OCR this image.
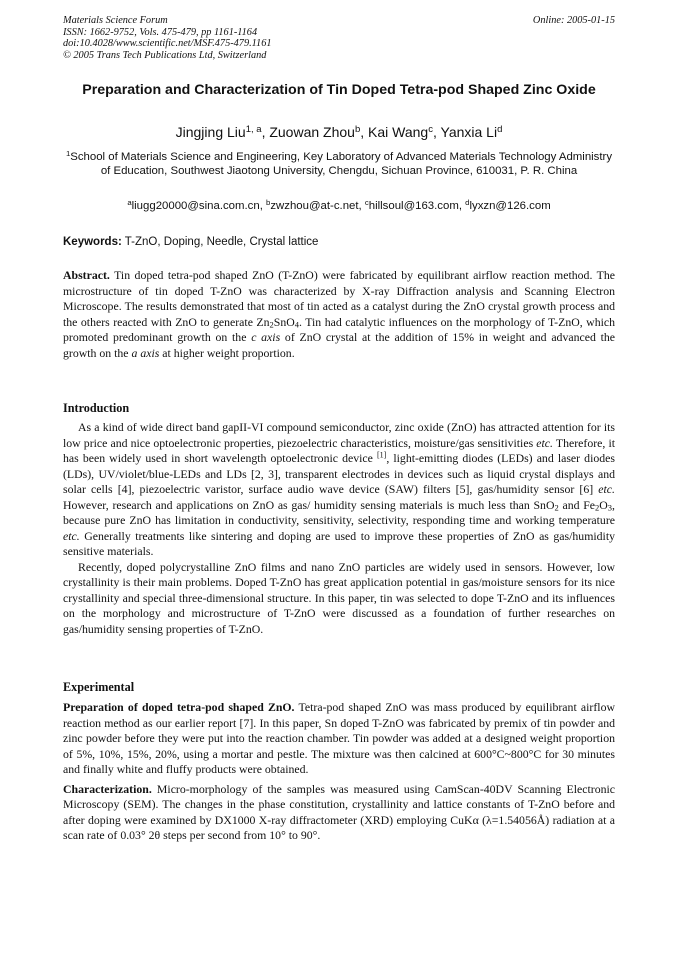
Materials Science Forum
ISSN: 1662-9752, Vols. 475-479, pp 1161-1164
doi:10.4028/www.scientific.net/MSF.475-479.1161
© 2005 Trans Tech Publications Ltd, Switzerland
Online: 2005-01-15
Preparation and Characterization of Tin Doped Tetra-pod Shaped Zinc Oxide
Jingjing Liu$^{1, a}$, Zuowan Zhou$^b$, Kai Wang$^c$, Yanxia Li$^d$
$^1$School of Materials Science and Engineering, Key Laboratory of Advanced Materials Technology Administry of Education, Southwest Jiaotong University, Chengdu, Sichuan Province, 610031, P. R. China
$^a$liugg20000@sina.com.cn, $^b$zwzhou@at-c.net, $^c$hillsoul@163.com, $^d$lyxzn@126.com
Keywords: T-ZnO, Doping, Needle, Crystal lattice
Abstract. Tin doped tetra-pod shaped ZnO (T-ZnO) were fabricated by equilibrant airflow reaction method. The microstructure of tin doped T-ZnO was characterized by X-ray Diffraction analysis and Scanning Electron Microscope. The results demonstrated that most of tin acted as a catalyst during the ZnO crystal growth process and the others reacted with ZnO to generate $Zn_2SnO_4$. Tin had catalytic influences on the morphology of T-ZnO, which promoted predominant growth on the c axis of ZnO crystal at the addition of 15% in weight and advanced the growth on the a axis at higher weight proportion.
Introduction

As a kind of wide direct band gapII-VI compound semiconductor, zinc oxide (ZnO) has attracted attention for its low price and nice optoelectronic properties, piezoelectric characteristics, moisture/gas sensitivities etc. Therefore, it has been widely used in short wavelength optoelectronic device [1], light-emitting diodes (LEDs) and laser diodes (LDs), UV/violet/blue-LEDs and LDs [2, 3], transparent electrodes in devices such as liquid crystal displays and solar cells [4], piezoelectric varistor, surface audio wave device (SAW) filters [5], gas/humidity sensor [6] etc. However, research and applications on ZnO as gas/ humidity sensing materials is much less than SnO$_2$ and $Fe_2O_3$, because pure ZnO has limitation in conductivity, sensitivity, selectivity, responding time and working temperature etc. Generally treatments like sintering and doping are used to improve these properties of ZnO as gas/humidity sensitive materials.

Recently, doped polycrystalline ZnO films and nano ZnO particles are widely used in sensors. However, low crystallinity is their main problems. Doped T-ZnO has great application potential in gas/moisture sensors for its nice crystallinity and special three-dimensional structure. In this paper, tin was selected to dope T-ZnO and its influences on the morphology and microstructure of T-ZnO were discussed as a foundation of further researches on gas/humidity sensing properties of T-ZnO.

Experimental

Preparation of doped tetra-pod shaped ZnO. Tetra-pod shaped ZnO was mass produced by equilibrant airflow reaction method as our earlier report [7]. In this paper, Sn doped T-ZnO was fabricated by premix of tin powder and zinc powder before they were put into the reaction chamber. Tin powder was added at a designed weight proportion of 5%, 10%, 15%, 20%, using a mortar and pestle. The mixture was then calcined at 600°C~800°C for 30 minutes and finally white and fluffy products were obtained.

Characterization. Micro-morphology of the samples was measured using CamScan-40DV Scanning Electronic Microscopy (SEM). The changes in the phase constitution, crystallinity and lattice constants of T-ZnO before and after doping were examined by DX1000 X-ray diffractometer (XRD) employing CuKα (λ=1.54056Å) radiation at a scan rate of 0.03° 2θ steps per second from 10° to 90°.
